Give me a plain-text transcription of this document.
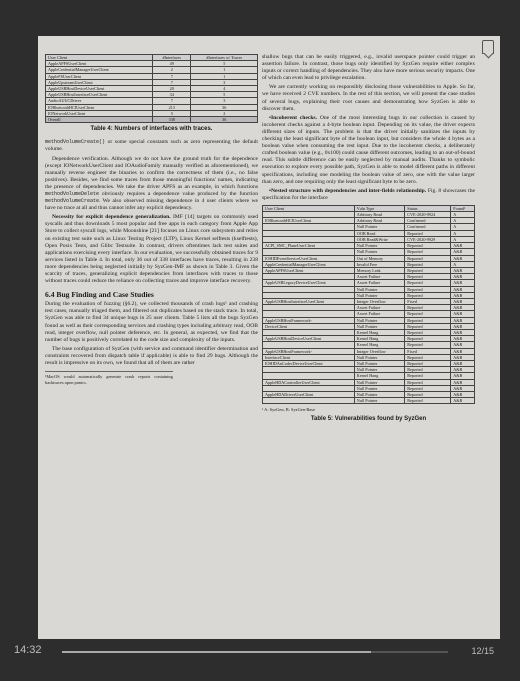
User Client	#Interfaces	#Interfaces w/ Traces
AppleAPFSUserClient	49	5
AppleCredentialManagerUserClient	2	1
AppleFSUserClient	7	1
AppleUpstreamUserClient	7	3
AppleUSBHostDeviceUserClient	20	4
AppleUSBHostInterfaceUserClient	34	5
AudioAUUCDriver	7	3
IOBluetoothHCIUserClient	213	36
IONetworkUserClient	5	2
Overall	338	36
Table 4: Numbers of interfaces with traces.

methodVolumeCreate() or some special constants such as zero representing the default volume.

Dependence verification. Although we do not have the ground truth for the dependence (except IONetworkUserClient and IOAudioFamily manually verified as aforementioned), we manually reverse engineer the binaries to confirm the correctness of them (i.e., no false positives). Besides, we find some traces from those meaningful functions' names, indicating the presence of dependencies. We take the driver APFS as an example, in which functions methodVolumeDelete obviously requires a dependence value produced by the function methodVolumeCreate. We also observed missing dependence in 4 user clients where we have no trace at all and thus cannot infer any explicit dependency.

Necessity for explicit dependence generalization. IMF [14] targets on commonly used syscalls and thus downloads 5 most popular and free apps in each category from Apple App Store to collect syscall logs, while Moonshine [21] focuses on Linux core subsystem and relies on existing test suite such as Linux Testing Project (LTP), Linux Kernel selftests (kselftests), Open Posix Tests, and Glibc Testsuite. In contrast, drivers oftentimes lack test suites and applications exercising every interface. In our evaluation, we successfully obtained traces for 9 services listed in Table 4. In total, only 36 out of 338 interfaces have traces, resulting in 238 more dependencies being neglected initially by SyzGen-IMF as shown in Table 3. Given the scarcity of traces, generalizing explicit dependencies from interfaces with traces to those without traces could reduce the reliance on collecting traces and improve interface recovery.

6.4 Bug Finding and Case Studies

During the evaluation of fuzzing (§6.2), we collected thousands of crash logs¹ and crashing test cases, manually triaged them, and filtered out duplicates based on the stack trace. In total, SyzGen was able to find 34 unique bugs in 25 user clients. Table 5 lists all the bugs SyzGen found as well as their corresponding services and crashing types including arbitrary read, OOB read, integer overflow, null pointer deference, etc. In general, as expected, we find that the number of bugs is positively correlated to the code size and complexity of the inputs.

The base configuration of SyzGen (with service and command identifier determination and constraints recovered from dispatch table if applicable) is able to find 29 bugs. Although the result is impressive on its own, we found that all of them are rather

¹MacOS would automatically generate crash reports containing backtraces upon panics.

shallow bugs that can be easily triggered, e.g., invalid userspace pointer could trigger an assertion failure. In contrast, those bugs only identified by SyzGen require either complex inputs or correct handling of dependencies. They also have more serious security impacts. One of which can even lead to privilege escalation.

We are currently working on responsibly disclosing those vulnerabilities to Apple. So far, we have received 2 CVE numbers. In the rest of this section, we will present the case studies of several bugs, explaining their root causes and demonstrating how SyzGen is able to discover them.

•Incoherent checks. One of the most interesting bugs in our collection is caused by incoherent checks against a 4-byte boolean input. Depending on its value, the driver expects different sizes of inputs. The problem is that the driver initially sanitizes the inputs by checking the least significant byte of the boolean input, but considers the whole 4 bytes as a boolean value when consuming the rest input. Due to the incoherent checks, a deliberately crafted boolean value (e.g., 0x100) could cause different outcomes, leading to an out-of-bound read. This subtle difference can be easily neglected by manual audits. Thanks to symbolic execution to explore every possible path, SyzGen is able to model different paths in different specifications, including one modeling the boolean value of zero, one with the value larger than zero, and one requiring only the least significant byte to be zero.

•Nested structure with dependencies and inter-fields relationship. Fig. 8 showcases the specification for the interface

User Client	Vuln Type	Status	Found¹
	Arbitrary Read	CVE-2020-9924	A
IOBluetoothHCIUserClient	Arbitrary Read	Confirmed	A
	Null Pointer	Confirmed	A
	OOB Read	Reported	A
	OOB Read&Write	CVE-2020-9929	A
ACPI_SMC_PlaneUserClient	Null Pointer	Reported	A&B
	Null Pointer	Reported	A&B
IOHIDEventServiceUserClient	Out of Memory	Reported	A&B
AppleCredentialManagerUserClient	Invalid Free	Reported	A
AppleAPFSUserClient	Memory Leak	Reported	A&B
	Assert Failure	Reported	A&B
AppleUSBLegacyDeviceUserClient	Assert Failure	Reported	A&B
	Null Pointer	Reported	A&B
	Null Pointer	Reported	A&B
AppleUSBHostInterfaceUserClient	Integer Overflow	Fixed	A&B
	Assert Failure	Reported	A&B
	Assert Failure	Reported	A&B
AppleUSBHostFramework-	Null Pointer	Reported	A&B
DeviceClient	Null Pointer	Reported	A&B
	Kernel Hang	Reported	A&B
AppleUSBHostDeviceUserClient	Kernel Hang	Reported	A&B
	Kernel Hang	Reported	A&B
AppleUSBHostFramework-	Integer Overflow	Fixed	A&B
InterfaceClient	Null Pointer	Reported	A&B
IOHIDAnCodecDeviceUserClient	Null Pointer	Reported	A&B
	Null Pointer	Reported	A&B
	Kernel Hang	Reported	A&B
AppleHDAControllerUserClient	Null Pointer	Reported	A&B
	Null Pointer	Reported	A&B
AppleHDADriverUserClient	Null Pointer	Reported	A&B
	Null Pointer	Reported	A&B
¹ A: SyzGen, B: SyzGen-Base
Table 5: Vulnerabilities found by SyzGen
14:32	12/15
